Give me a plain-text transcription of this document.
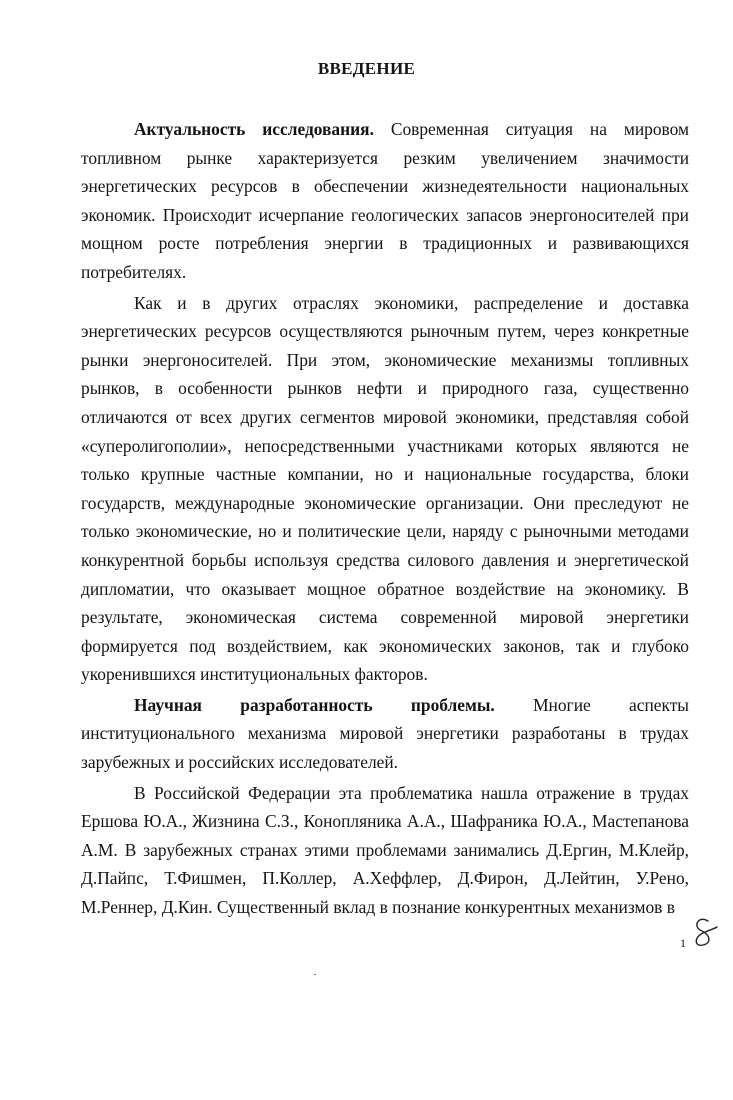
ВВЕДЕНИЕ

Актуальность исследования. Современная ситуация на мировом топливном рынке характеризуется резким увеличением значимости энергетических ресурсов в обеспечении жизнедеятельности национальных экономик. Происходит исчерпание геологических запасов энергоносителей при мощном росте потребления энергии в традиционных и развивающихся потребителях.

Как и в других отраслях экономики, распределение и доставка энергетических ресурсов осуществляются рыночным путем, через конкретные рынки энергоносителей. При этом, экономические механизмы топливных рынков, в особенности рынков нефти и природного газа, существенно отличаются от всех других сегментов мировой экономики, представляя собой «суперолигополии», непосредственными участниками которых являются не только крупные частные компании, но и национальные государства, блоки государств, международные экономические организации. Они преследуют не только экономические, но и политические цели, наряду с рыночными методами конкурентной борьбы используя средства силового давления и энергетической дипломатии, что оказывает мощное обратное воздействие на экономику. В результате, экономическая система современной мировой энергетики формируется под воздействием, как экономических законов, так и глубоко укоренившихся институциональных факторов.

Научная разработанность проблемы. Многие аспекты институционального механизма мировой энергетики разработаны в трудах зарубежных и российских исследователей.

В Российской Федерации эта проблематика нашла отражение в трудах Ершова Ю.А., Жизнина С.З., Конопляника А.А., Шафраника Ю.А., Мастепанова А.М. В зарубежных странах этими проблемами занимались Д.Ергин, М.Клейр, Д.Пайпс, Т.Фишмен, П.Коллер, А.Хеффлер, Д.Фирон, Д.Лейтин, У.Рено, М.Реннер, Д.Кин. Существенный вклад в познание конкурентных механизмов в

1
